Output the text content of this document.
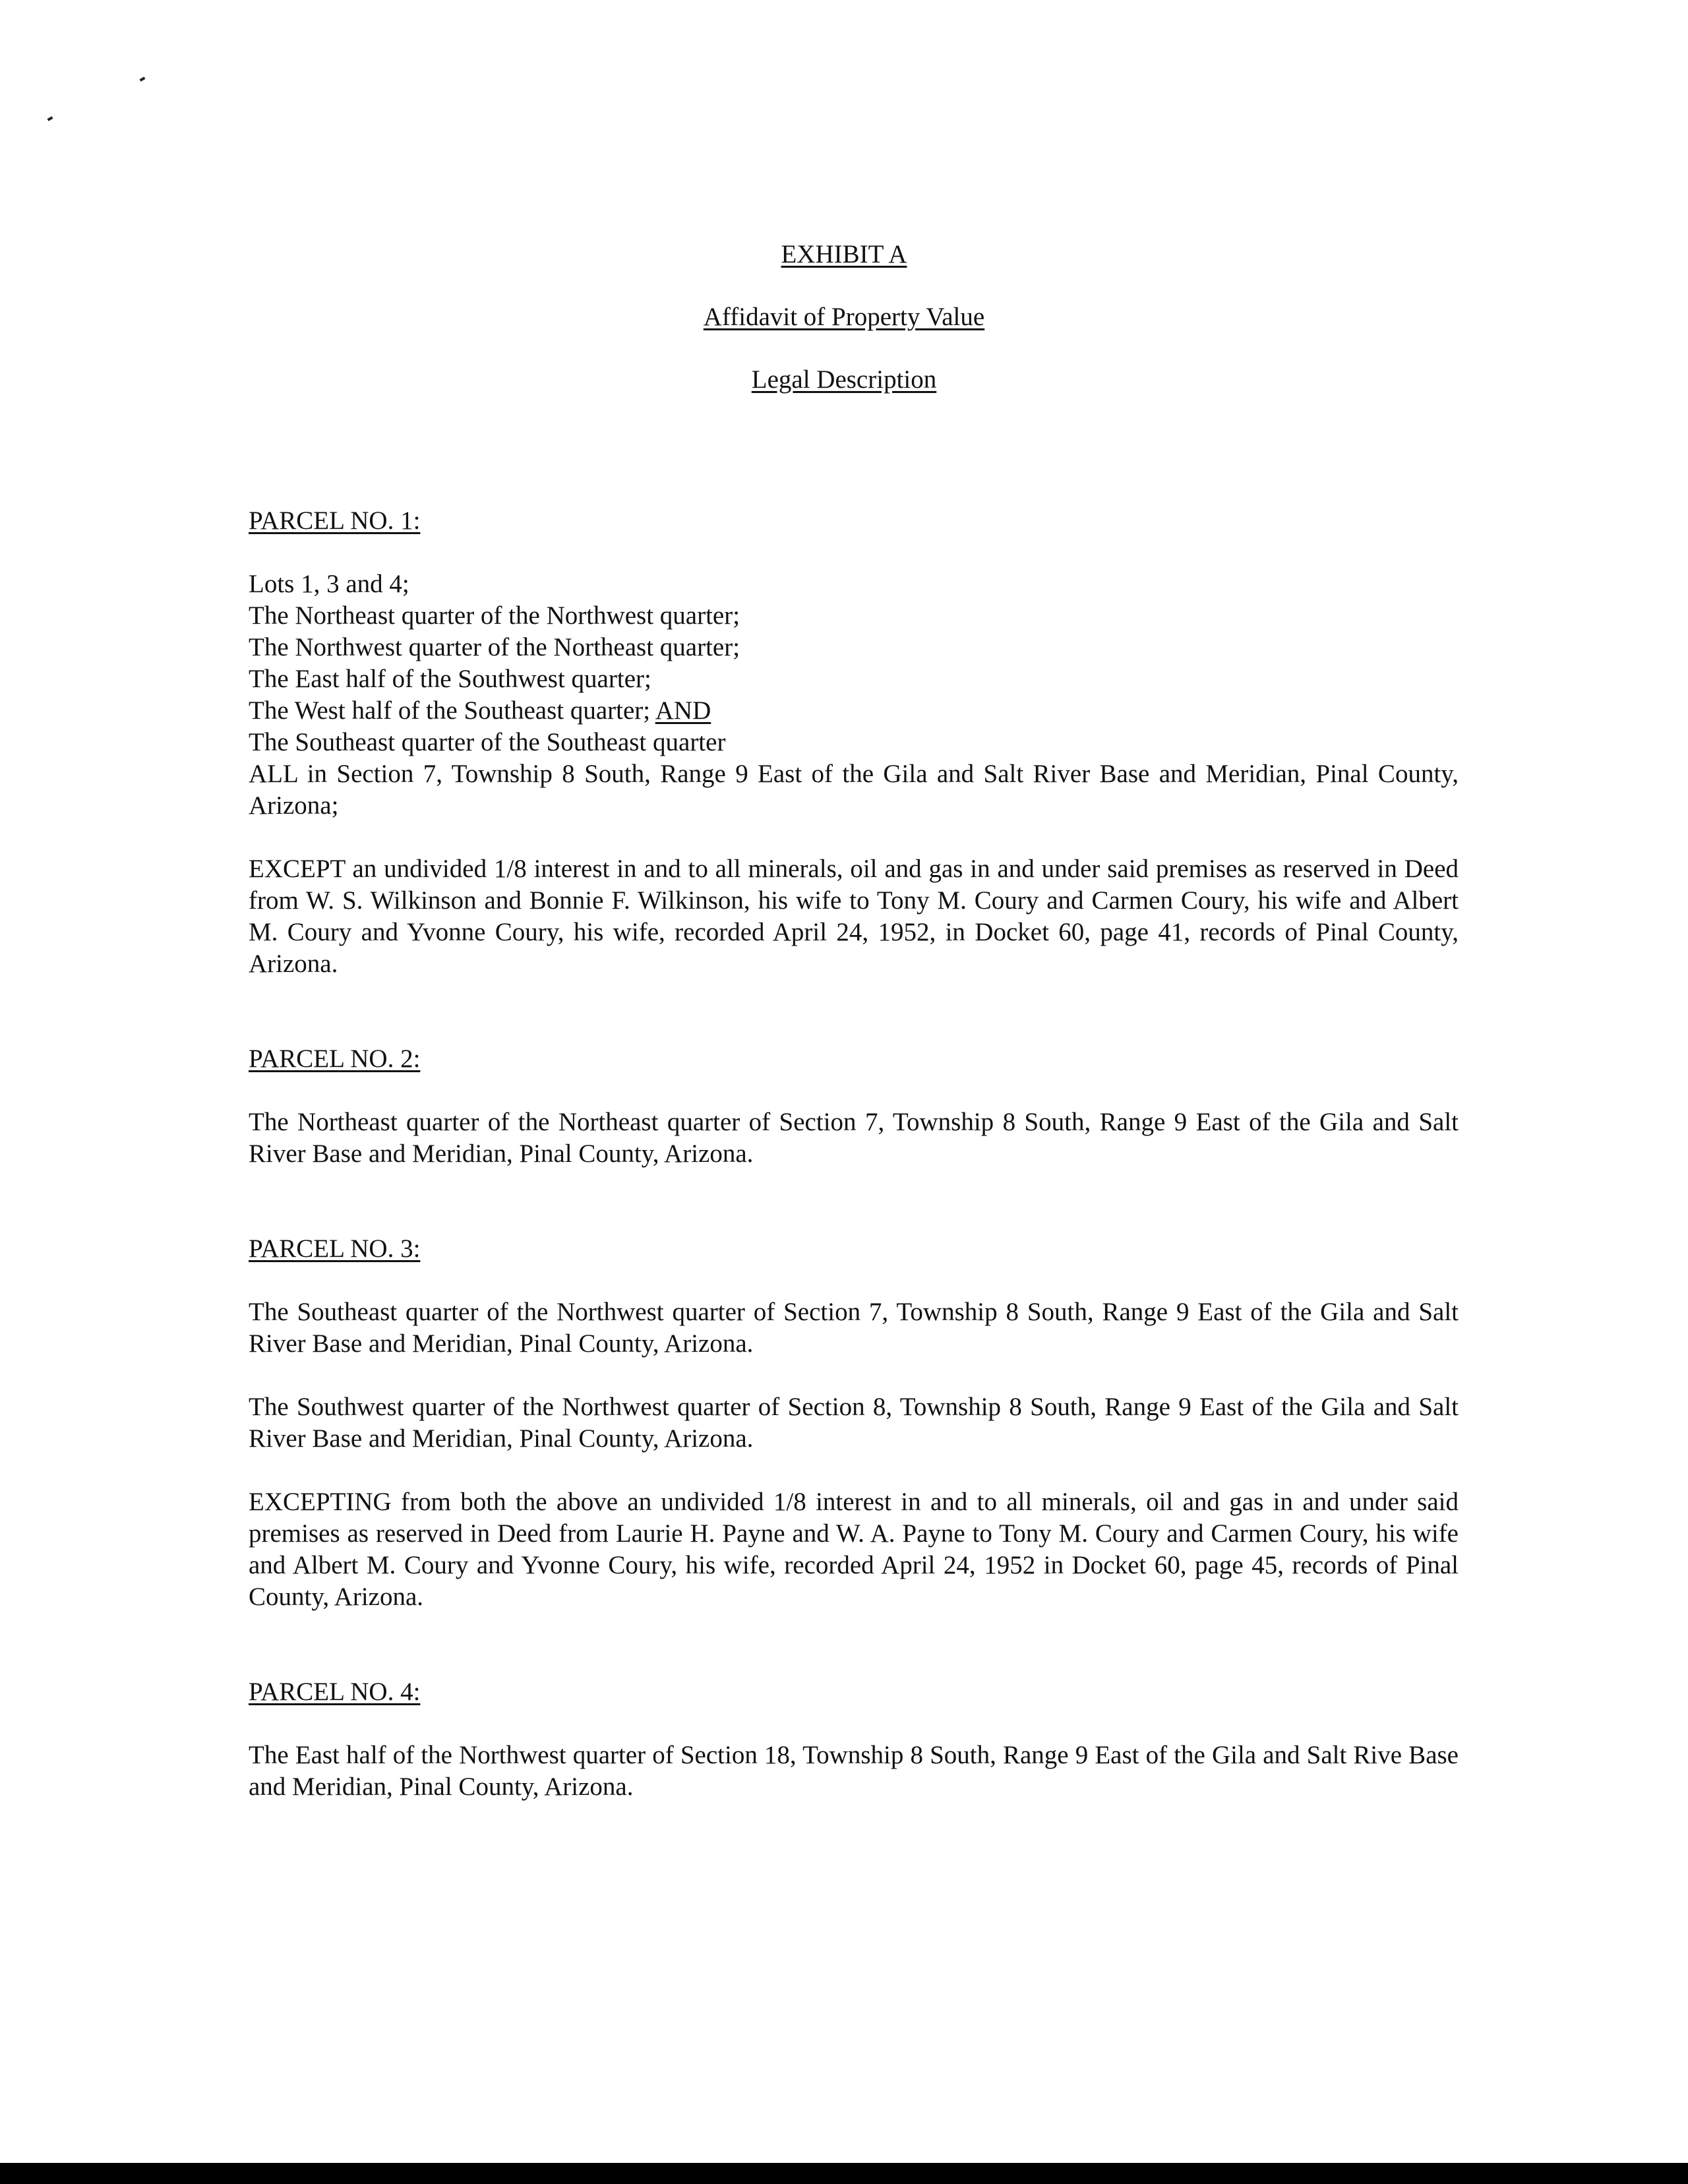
EXHIBIT A
Affidavit of Property Value
Legal Description
PARCEL NO. 1:
Lots 1, 3 and 4;
The Northeast quarter of the Northwest quarter;
The Northwest quarter of the Northeast quarter;
The East half of the Southwest quarter;
The West half of the Southeast quarter; AND
The Southeast quarter of the Southeast quarter

ALL in Section 7, Township 8 South, Range 9 East of the Gila and Salt River Base and Meridian, Pinal County, Arizona;

EXCEPT an undivided 1/8 interest in and to all minerals, oil and gas in and under said premises as reserved in Deed from W. S. Wilkinson and Bonnie F. Wilkinson, his wife to Tony M. Coury and Carmen Coury, his wife and Albert M. Coury and Yvonne Coury, his wife, recorded April 24, 1952, in Docket 60, page 41, records of Pinal County, Arizona.

PARCEL NO. 2:

The Northeast quarter of the Northeast quarter of Section 7, Township 8 South, Range 9 East of the Gila and Salt River Base and Meridian, Pinal County, Arizona.

PARCEL NO. 3:

The Southeast quarter of the Northwest quarter of Section 7, Township 8 South, Range 9 East of the Gila and Salt River Base and Meridian, Pinal County, Arizona.

The Southwest quarter of the Northwest quarter of Section 8, Township 8 South, Range 9 East of the Gila and Salt River Base and Meridian, Pinal County, Arizona.

EXCEPTING from both the above an undivided 1/8 interest in and to all minerals, oil and gas in and under said premises as reserved in Deed from Laurie H. Payne and W. A. Payne to Tony M. Coury and Carmen Coury, his wife and Albert M. Coury and Yvonne Coury, his wife, recorded April 24, 1952 in Docket 60, page 45, records of Pinal County, Arizona.

PARCEL NO. 4:

The East half of the Northwest quarter of Section 18, Township 8 South, Range 9 East of the Gila and Salt Rive Base and Meridian, Pinal County, Arizona.
